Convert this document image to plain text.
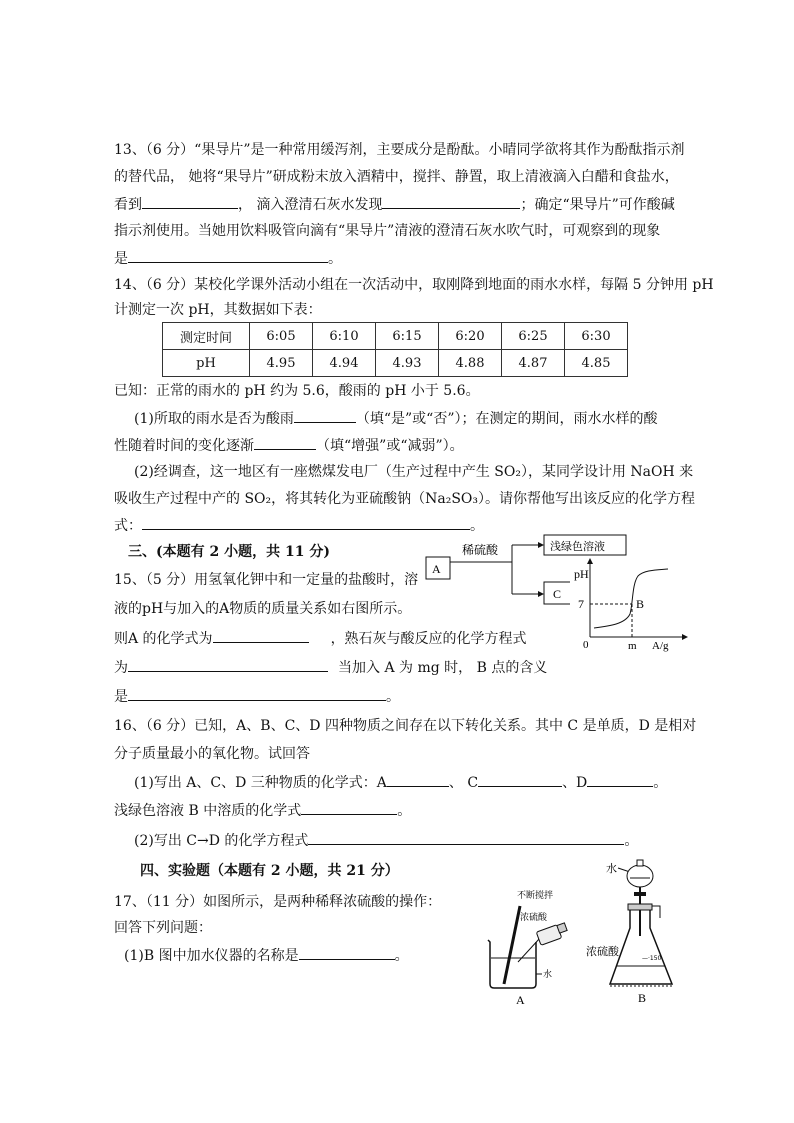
13、（6 分）“果导片”是一种常用缓泻剂，主要成分是酚酞。小晴同学欲将其作为酚酞指示剂
的替代品， 她将“果导片”研成粉末放入酒精中，搅拌、静置，取上清液滴入白醋和食盐水，
看到	， 滴入澄清石灰水发现	；确定“果导片”可作酸碱
指示剂使用。当她用饮料吸管向滴有“果导片”清液的澄清石灰水吹气时，可观察到的现象
是	。
14、（6 分）某校化学课外活动小组在一次活动中，取刚降到地面的雨水水样，每隔 5 分钟用 pH
计测定一次 pH，其数据如下表：
测定时间	6:05	6:10	6:15	6:20	6:25	6:30
pH	4.95	4.94	4.93	4.88	4.87	4.85
已知：正常的雨水的 pH 约为 5.6，酸雨的 pH 小于 5.6。
(1)所取的雨水是否为酸雨	（填“是”或“否”）；在测定的期间，雨水水样的酸
性随着时间的变化逐渐	（填“增强”或“减弱”）。
(2)经调查，这一地区有一座燃煤发电厂（生产过程中产生 SO₂），某同学设计用 NaOH 来
吸收生产过程中产的 SO₂，将其转化为亚硫酸钠（Na₂SO₃）。请你帮他写出该反应的化学方程
式：	。
三、(本题有 2 小题，共 11 分)
15、（5 分）用氢氧化钾中和一定量的盐酸时，溶
液的pH与加入的A物质的质量关系如右图所示。
则A 的化学式为	，熟石灰与酸反应的化学方程式
为	当加入 A 为 mg 时， B 点的含义
是	。
A
稀硫酸	浅绿色溶液
C
pH
7	B
0	m A/g
16、（6 分）已知，A、B、C、D 四种物质之间存在以下转化关系。其中 C 是单质，D 是相对
分子质量最小的氧化物。试回答
(1)写出 A、C、D 三种物质的化学式：A	、 C	、D	。
浅绿色溶液 B 中溶质的化学式	。
(2)写出 C→D 的化学方程式	。
四、实验题（本题有 2 小题，共 21 分）
17、（11 分）如图所示，是两种稀释浓硫酸的操作：
回答下列问题：
(1)B 图中加水仪器的名称是	。
不断搅拌
浓硫酸
水
A
水
—·150
浓硫酸
B
